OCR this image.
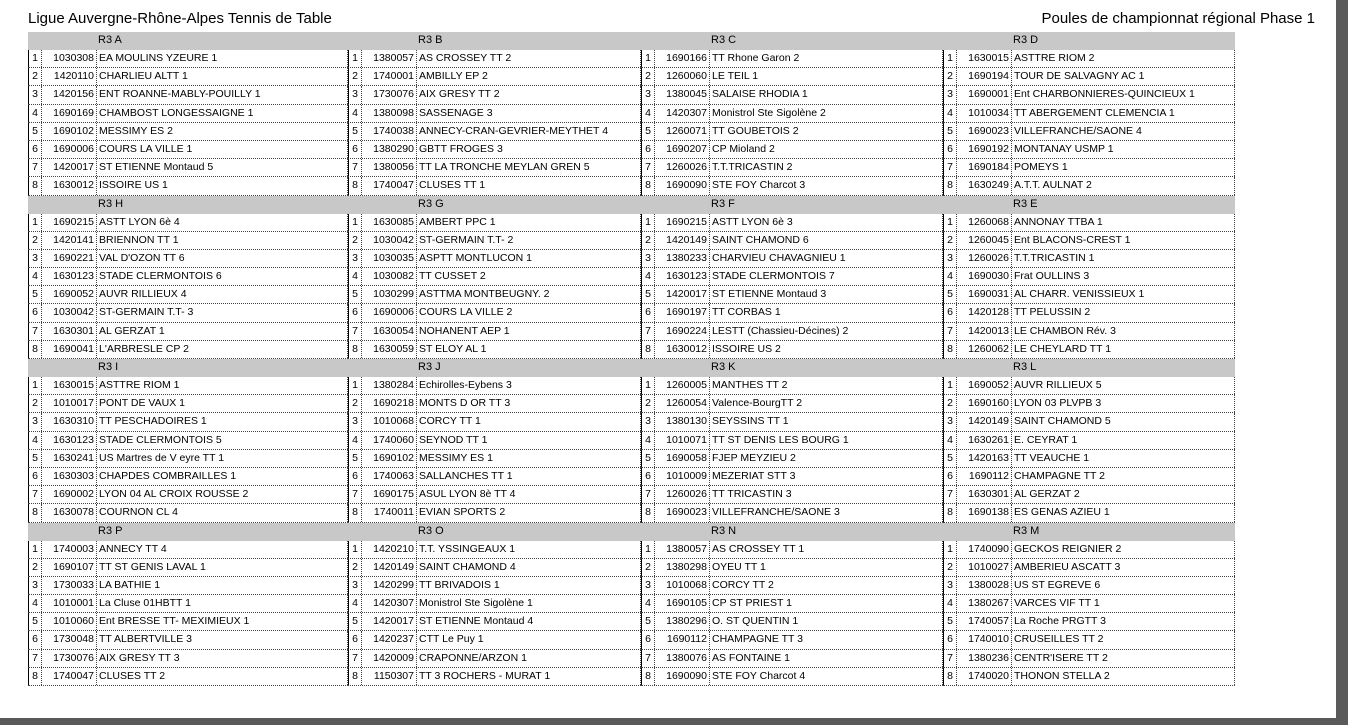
Ligue Auvergne-Rhône-Alpes Tennis de Table	Poules de championnat régional Phase 1
R3 A	R3 B	R3 C	R3 D
1	1030308 EA MOULINS YZEURE 1	1	1380057 AS CROSSEY TT 2	1	1690166 TT Rhone Garon 2	1	1630015 ASTTRE RIOM 2
2	1420110 CHARLIEU ALTT 1	2	1740001 AMBILLY EP 2	2	1260060 LE TEIL 1	2	1690194 TOUR DE SALVAGNY AC 1
3	1420156 ENT ROANNE-MABLY-POUILLY 1	3	1730076 AIX GRESY TT 2	3	1380045 SALAISE RHODIA 1	3	1690001 Ent CHARBONNIERES-QUINCIEUX 1
4	1690169 CHAMBOST LONGESSAIGNE 1	4	1380098 SASSENAGE 3	4	1420307 Monistrol Ste Sigolène 2	4	1010034 TT ABERGEMENT CLEMENCIA 1
5	1690102 MESSIMY ES 2	5	1740038 ANNECY-CRAN-GEVRIER-MEYTHET 4	5	1260071 TT GOUBETOIS 2	5	1690023 VILLEFRANCHE/SAONE 4
6	1690006 COURS LA VILLE 1	6	1380290 GBTT FROGES 3	6	1690207 CP Mioland 2	6	1690192 MONTANAY USMP 1
7	1420017 ST ETIENNE Montaud 5	7	1380056 TT LA TRONCHE MEYLAN GREN 5	7	1260026 T.T.TRICASTIN 2	7	1690184 POMEYS 1
8	1630012 ISSOIRE US 1	8	1740047 CLUSES TT 1	8	1690090 STE FOY Charcot 3	8	1630249 A.T.T. AULNAT 2
R3 H	R3 G	R3 F	R3 E
1	1690215 ASTT LYON 6è 4	1	1630085 AMBERT PPC 1	1	1690215 ASTT LYON 6è 3	1	1260068 ANNONAY TTBA 1
2	1420141 BRIENNON TT 1	2	1030042 ST-GERMAIN T.T- 2	2	1420149 SAINT CHAMOND 6	2	1260045 Ent BLACONS-CREST 1
3	1690221 VAL D'OZON TT 6	3	1030035 ASPTT MONTLUCON 1	3	1380233 CHARVIEU CHAVAGNIEU 1	3	1260026 T.T.TRICASTIN 1
4	1630123 STADE CLERMONTOIS 6	4	1030082 TT CUSSET 2	4	1630123 STADE CLERMONTOIS 7	4	1690030 Frat OULLINS 3
5	1690052 AUVR RILLIEUX 4	5	1030299 ASTTMA MONTBEUGNY. 2	5	1420017 ST ETIENNE Montaud 3	5	1690031 AL CHARR. VENISSIEUX 1
6	1030042 ST-GERMAIN T.T- 3	6	1690006 COURS LA VILLE 2	6	1690197 TT CORBAS 1	6	1420128 TT PELUSSIN 2
7	1630301 AL GERZAT 1	7	1630054 NOHANENT AEP 1	7	1690224 LESTT (Chassieu-Décines) 2	7	1420013 LE CHAMBON Rév. 3
8	1690041 L'ARBRESLE CP 2	8	1630059 ST ELOY AL 1	8	1630012 ISSOIRE US 2	8	1260062 LE CHEYLARD TT 1
R3 I	R3 J	R3 K	R3 L
1	1630015 ASTTRE RIOM 1	1	1380284 Echirolles-Eybens 3	1	1260005 MANTHES TT 2	1	1690052 AUVR RILLIEUX 5
2	1010017 PONT DE VAUX 1	2	1690218 MONTS D OR TT 3	2	1260054 Valence-BourgTT 2	2	1690160 LYON 03 PLVPB 3
3	1630310 TT PESCHADOIRES 1	3	1010068 CORCY TT 1	3	1380130 SEYSSINS TT 1	3	1420149 SAINT CHAMOND 5
4	1630123 STADE CLERMONTOIS 5	4	1740060 SEYNOD TT 1	4	1010071 TT ST DENIS LES BOURG 1	4	1630261 E. CEYRAT 1
5	1630241 US Martres de V eyre TT 1	5	1690102 MESSIMY ES 1	5	1690058 FJEP MEYZIEU 2	5	1420163 TT VEAUCHE 1
6	1630303 CHAPDES COMBRAILLES 1	6	1740063 SALLANCHES TT 1	6	1010009 MEZERIAT STT 3	6	1690112 CHAMPAGNE TT 2
7	1690002 LYON 04 AL CROIX ROUSSE 2	7	1690175 ASUL LYON 8è TT 4	7	1260026 TT TRICASTIN 3	7	1630301 AL GERZAT 2
8	1630078 COURNON CL 4	8	1740011 EVIAN SPORTS 2	8	1690023 VILLEFRANCHE/SAONE 3	8	1690138 ES GENAS AZIEU 1
R3 P	R3 O	R3 N	R3 M
1	1740003 ANNECY TT 4	1	1420210 T.T. YSSINGEAUX 1	1	1380057 AS CROSSEY TT 1	1	1740090 GECKOS REIGNIER 2
2	1690107 TT ST GENIS LAVAL 1	2	1420149 SAINT CHAMOND 4	2	1380298 OYEU TT 1	2	1010027 AMBERIEU ASCATT 3
3	1730033 LA BATHIE 1	3	1420299 TT BRIVADOIS 1	3	1010068 CORCY TT 2	3	1380028 US ST EGREVE 6
4	1010001 La Cluse 01HBTT 1	4	1420307 Monistrol Ste Sigolène 1	4	1690105 CP ST PRIEST 1	4	1380267 VARCES VIF TT 1
5	1010060 Ent BRESSE TT- MEXIMIEUX 1	5	1420017 ST ETIENNE Montaud 4	5	1380296 O. ST QUENTIN 1	5	1740057 La Roche PRGTT 3
6	1730048 TT ALBERTVILLE 3	6	1420237 CTT Le Puy 1	6	1690112 CHAMPAGNE TT 3	6	1740010 CRUSEILLES TT 2
7	1730076 AIX GRESY TT 3	7	1420009 CRAPONNE/ARZON 1	7	1380076 AS FONTAINE 1	7	1380236 CENTR'ISERE TT 2
8	1740047 CLUSES TT 2	8	1150307 TT 3 ROCHERS - MURAT 1	8	1690090 STE FOY Charcot 4	8	1740020 THONON STELLA 2
